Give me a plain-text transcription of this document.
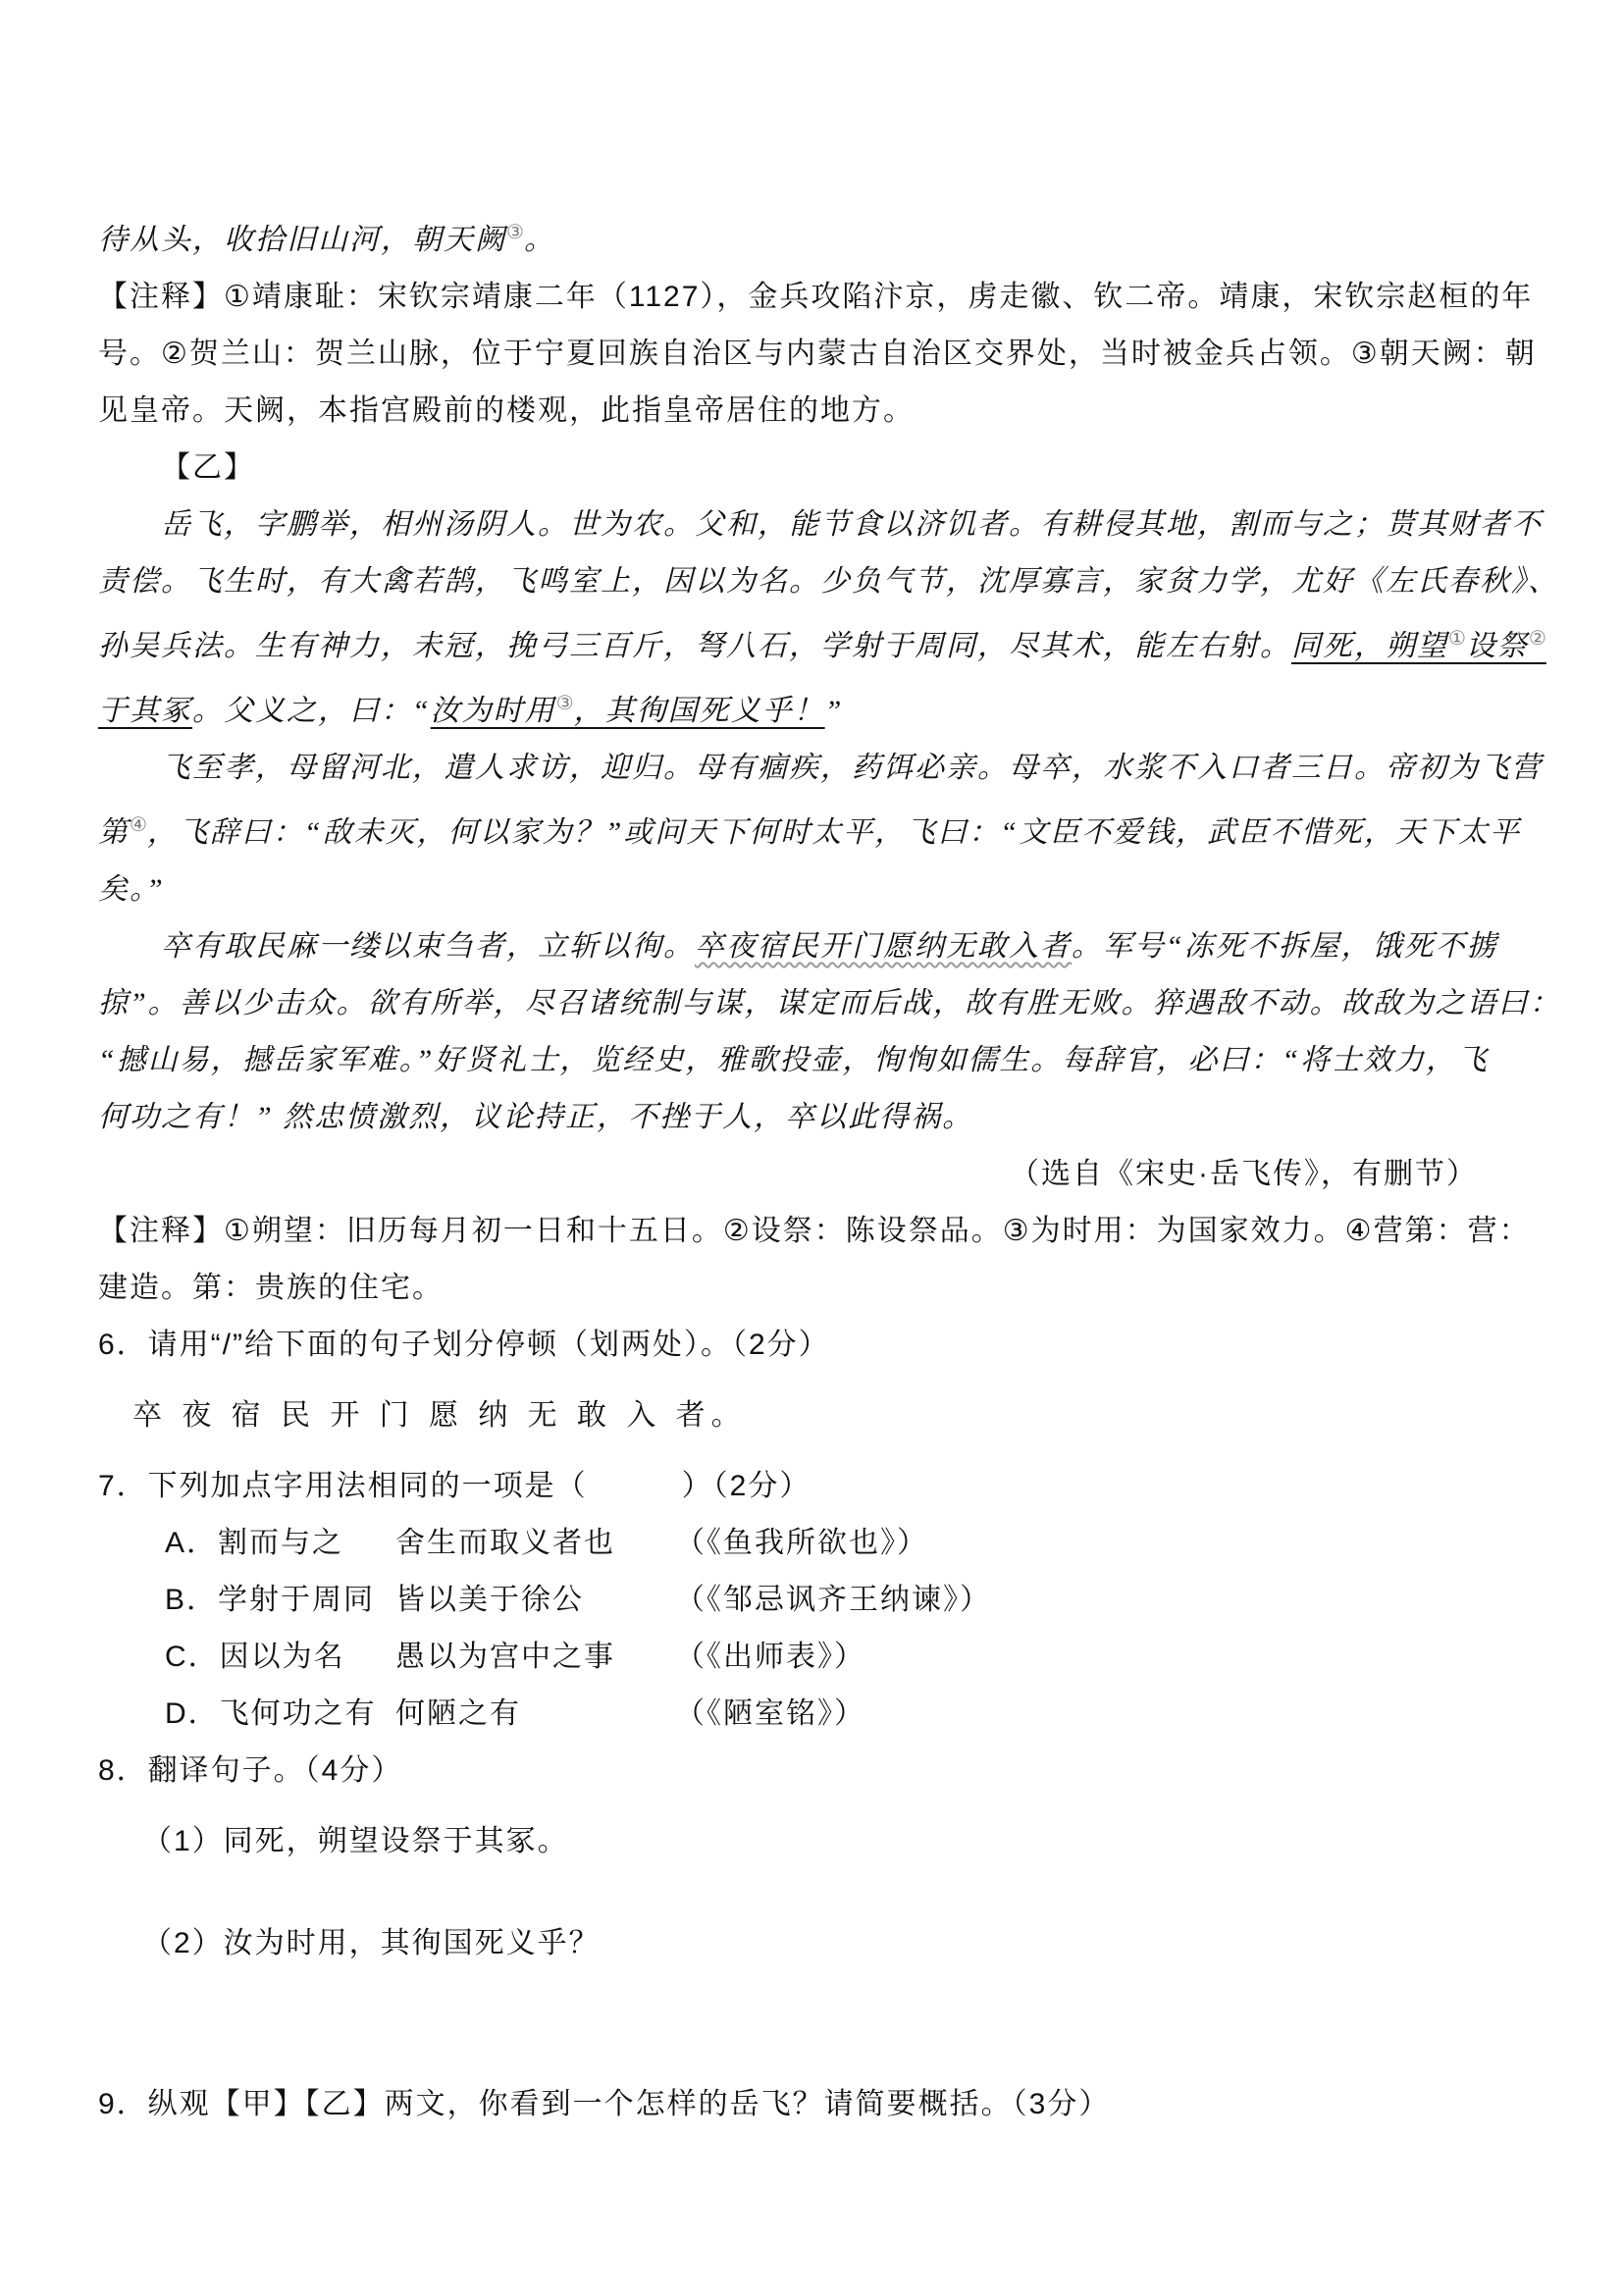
待从头，收拾旧山河，朝天阙③。
【注释】①靖康耻：宋钦宗靖康二年（1127），金兵攻陷汴京，虏走徽、钦二帝。靖康，宋钦宗赵桓的年
号。②贺兰山：贺兰山脉，位于宁夏回族自治区与内蒙古自治区交界处，当时被金兵占领。③朝天阙：朝
见皇帝。天阙，本指宫殿前的楼观，此指皇帝居住的地方。
【乙】
岳飞，字鹏举，相州汤阴人。世为农。父和，能节食以济饥者。有耕侵其地，割而与之；贳其财者不
责偿。飞生时，有大禽若鹄，飞鸣室上，因以为名。少负气节，沈厚寡言，家贫力学，尤好《左氏春秋》、
孙吴兵法。生有神力，未冠，挽弓三百斤，弩八石，学射于周同，尽其术，能左右射。同死，朔望①设祭②
于其冢。父义之，曰：“汝为时用③，其徇国死义乎！”
飞至孝，母留河北，遣人求访，迎归。母有痼疾，药饵必亲。母卒，水浆不入口者三日。帝初为飞营
第④，飞辞曰：“敌未灭，何以家为？”或问天下何时太平，飞曰：“文臣不爱钱，武臣不惜死，天下太平
矣。”
卒有取民麻一缕以束刍者，立斩以徇。卒夜宿民开门愿纳无敢入者。军号“冻死不拆屋，饿死不掳
掠”。善以少击众。欲有所举，尽召诸统制与谋，谋定而后战，故有胜无败。猝遇敌不动。故敌为之语曰：
“撼山易，撼岳家军难。”好贤礼士，览经史，雅歌投壶，恂恂如儒生。每辞官，必曰：“将士效力，飞
何功之有！” 然忠愤激烈，议论持正，不挫于人，卒以此得祸。
（选自《宋史·岳飞传》，有删节）
【注释】①朔望：旧历每月初一日和十五日。②设祭：陈设祭品。③为时用：为国家效力。④营第：营：
建造。第：贵族的住宅。
6．请用“/”给下面的句子划分停顿（划两处）。（2分）
卒 夜 宿 民 开 门 愿 纳 无 敢 入 者。
7．下列加点字用法相同的一项是（　　　）（2分）
A．割而与之 舍生而取义者也 （《鱼我所欲也》）
B．学射于周同 皆以美于徐公	（《邹忌讽齐王纳谏》）
C．因以为名 愚以为宫中之事 （《出师表》）
D．飞何功之有 何陋之有	（《陋室铭》）
8．翻译句子。（4分）
（1）同死，朔望设祭于其冢。
（2）汝为时用，其徇国死义乎？
9．纵观【甲】【乙】两文，你看到一个怎样的岳飞？请简要概括。（3分）
